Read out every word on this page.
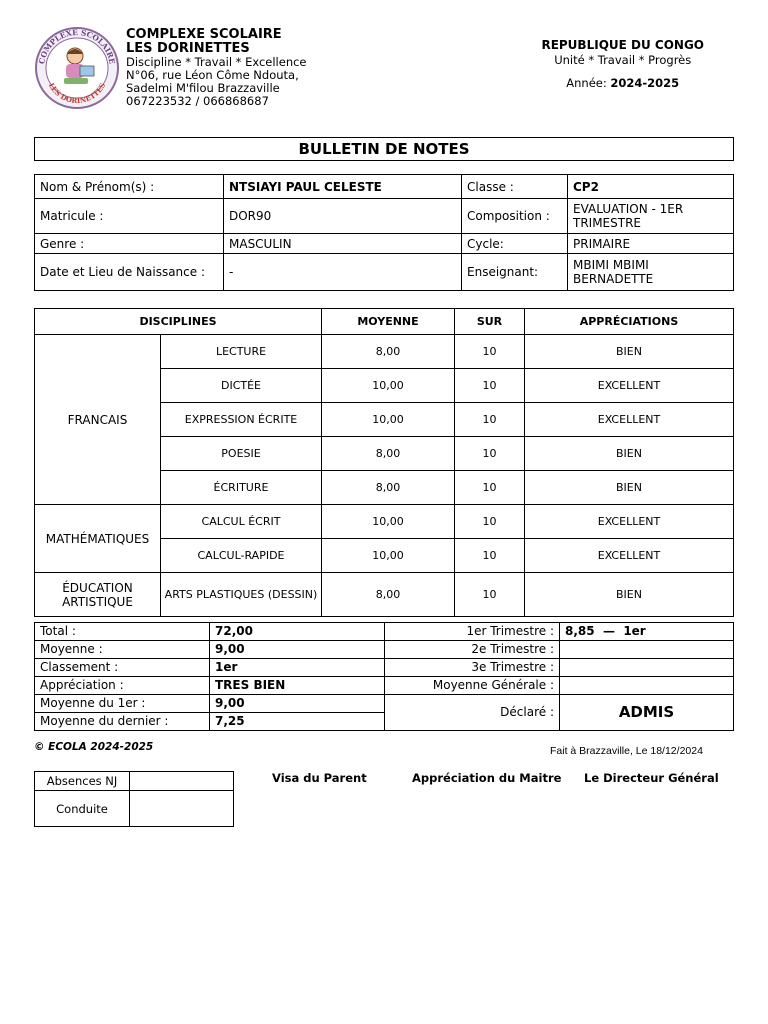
COMPLEXE SCOLAIRE
LES DORINETTES
COMPLEXE SCOLAIRE
LES DORINETTES
Discipline * Travail * Excellence
N°06, rue Léon Côme Ndouta,
Sadelmi M'filou Brazzaville
067223532 / 066868687
REPUBLIQUE DU CONGO
Unité * Travail * Progrès
Année: 2024-2025
BULLETIN DE NOTES
Nom & Prénom(s) :	NTSIAYI PAUL CELESTE	Classe :	CP2
Matricule :	DOR90	Composition :	EVALUATION - 1ER TRIMESTRE
Genre :	MASCULIN	Cycle:	PRIMAIRE
Date et Lieu de Naissance :	-	Enseignant:	MBIMI MBIMI BERNADETTE
DISCIPLINES		MOYENNE	SUR	APPRÉCIATIONS
FRANCAIS	LECTURE	8,00	10	BIEN
	DICTÉE	10,00	10	EXCELLENT
	EXPRESSION ÉCRITE	10,00	10	EXCELLENT
	POESIE	8,00	10	BIEN
	ÉCRITURE	8,00	10	BIEN
MATHÉMATIQUES	CALCUL ÉCRIT	10,00	10	EXCELLENT
	CALCUL-RAPIDE	10,00	10	EXCELLENT
ÉDUCATION ARTISTIQUE	ARTS PLASTIQUES (DESSIN)	8,00	10	BIEN
Total :	72,00	1er Trimestre :	8,85  —  1er
Moyenne :	9,00	2e Trimestre :	
Classement :	1er	3e Trimestre :	
Appréciation :	TRES BIEN	Moyenne Générale :	
Moyenne du 1er :	9,00	Déclaré :	ADMIS
Moyenne du dernier :	7,25		
© ECOLA 2024-2025	Fait à Brazzaville, Le 18/12/2024
Absences NJ	
Conduite	
Visa du Parent	Appréciation du Maitre Le Directeur Général
